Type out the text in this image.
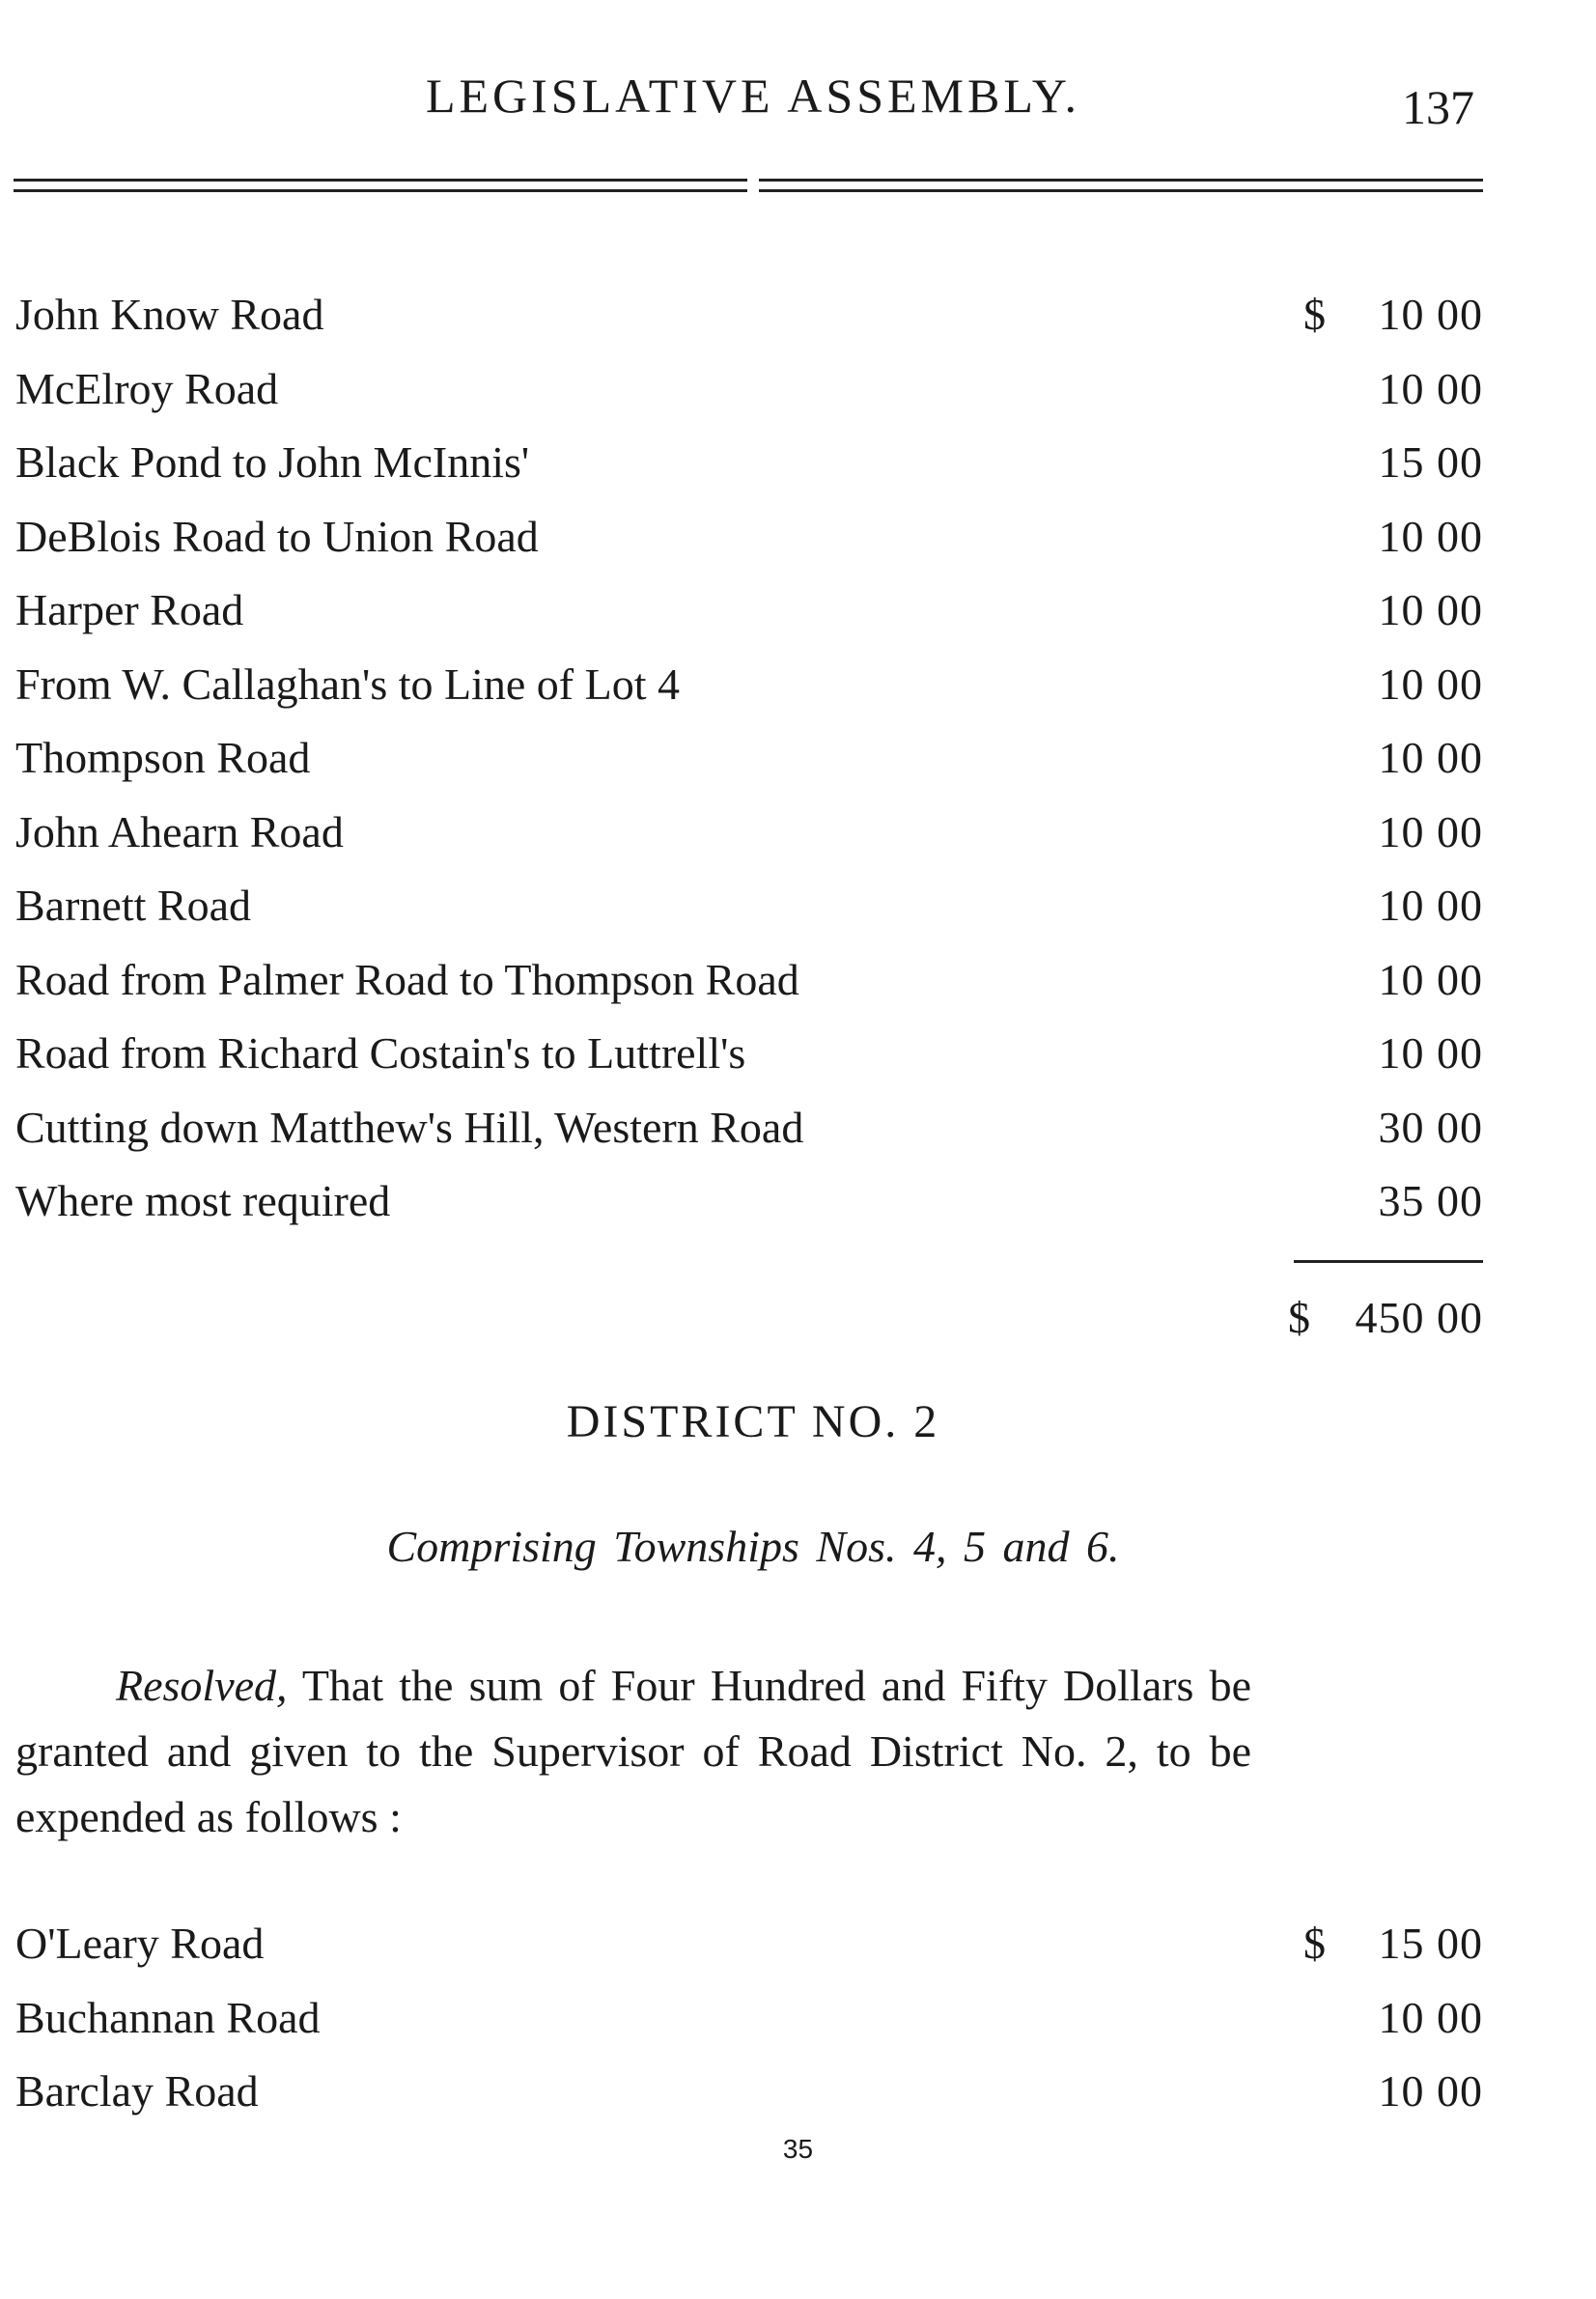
LEGISLATIVE ASSEMBLY.	137
John Know Road	$ 10 00
McElroy Road	10 00
Black Pond to John McInnis'	15 00
DeBlois Road to Union Road	10 00
Harper Road	10 00
From W. Callaghan's to Line of Lot 4	10 00
Thompson Road	10 00
John Ahearn Road	10 00
Barnett Road	10 00
Road from Palmer Road to Thompson Road	10 00
Road from Richard Costain's to Luttrell's	10 00
Cutting down Matthew's Hill, Western Road	30 00
Where most required	35 00
$ 450 00
DISTRICT NO. 2
Comprising Townships Nos. 4, 5 and 6.
Resolved, That the sum of Four Hundred and Fifty Dollars be granted and given to the Supervisor of Road District No. 2, to be expended as follows :
O'Leary Road	$ 15 00
Buchannan Road	10 00
Barclay Road	10 00
35
